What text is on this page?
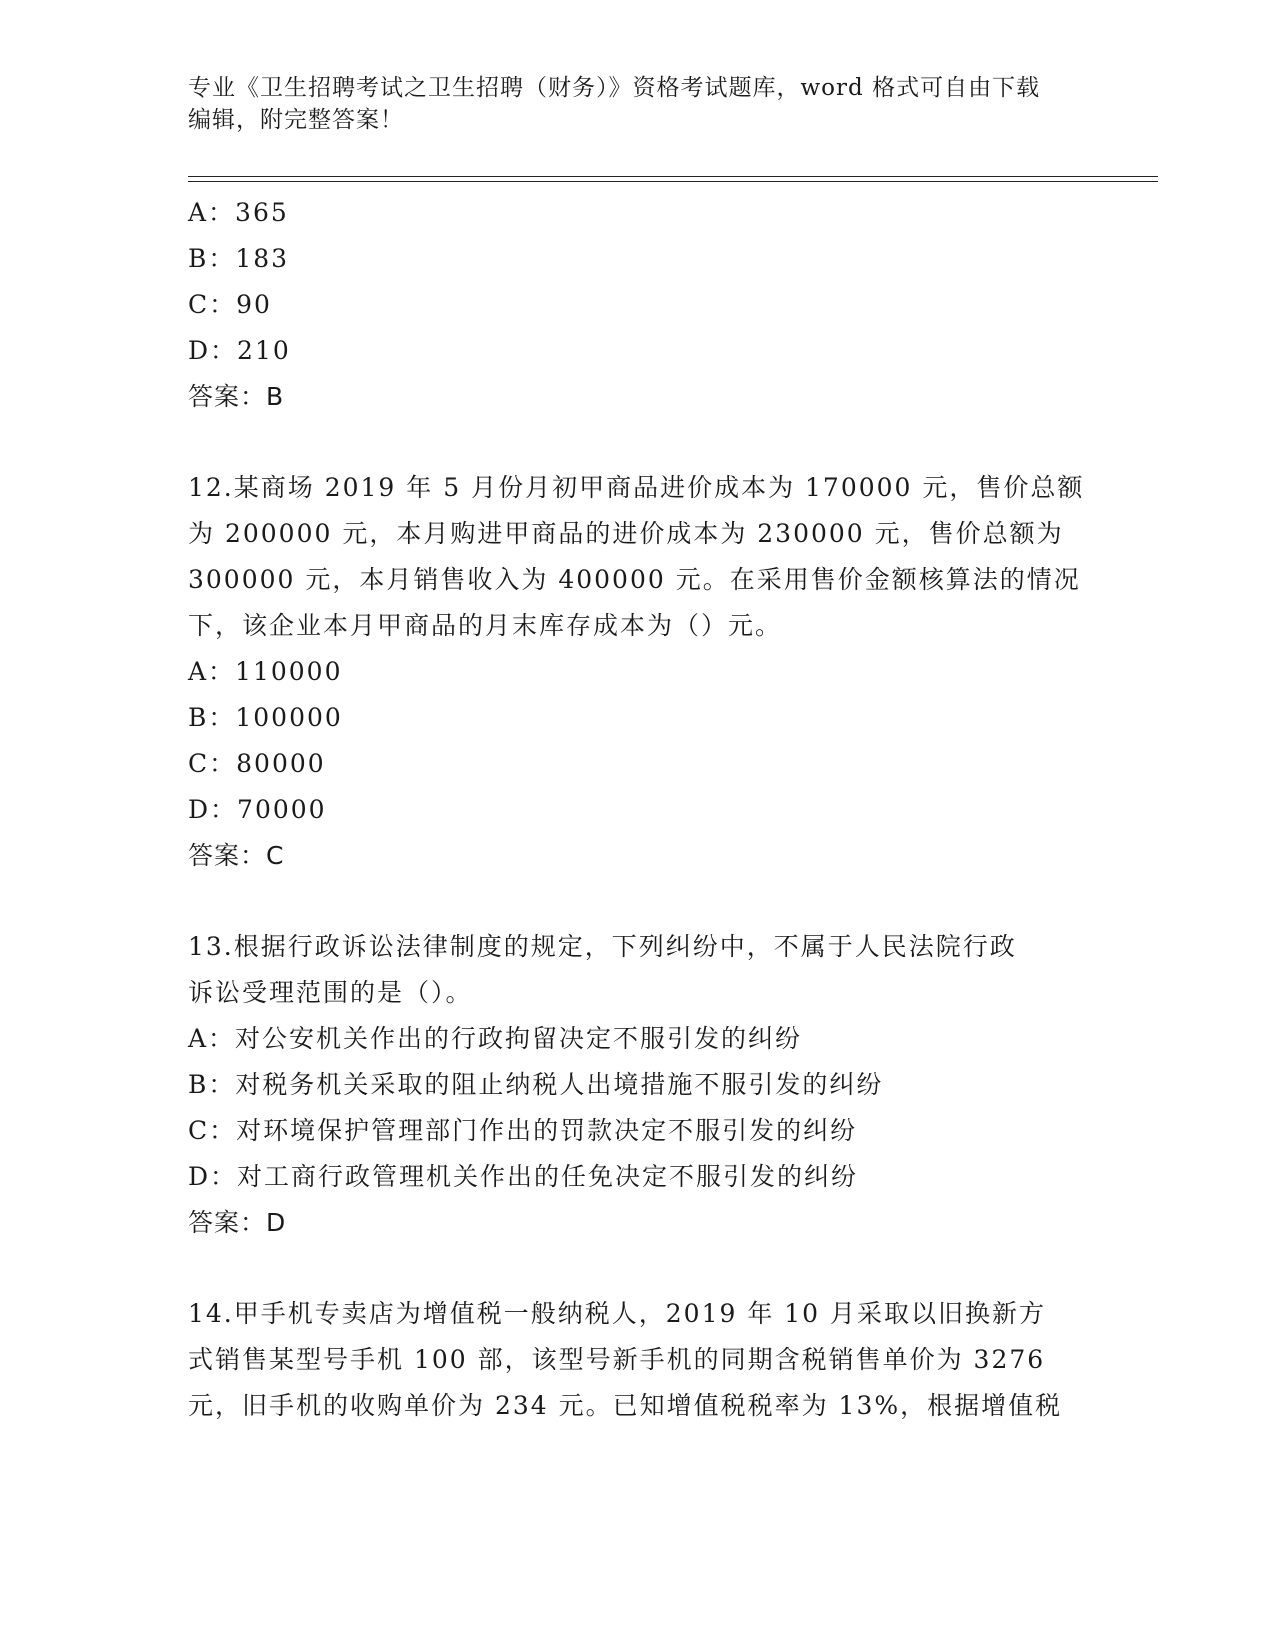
专业《卫生招聘考试之卫生招聘（财务）》资格考试题库，word 格式可自由下载
编辑，附完整答案！
A：365
B：183
C：90
D：210
答案：B
12.某商场 2019 年 5 月份月初甲商品进价成本为 170000 元，售价总额
为 200000 元，本月购进甲商品的进价成本为 230000 元，售价总额为
300000 元，本月销售收入为 400000 元。在采用售价金额核算法的情况
下，该企业本月甲商品的月末库存成本为（）元。
A：110000
B：100000
C：80000
D：70000
答案：C
13.根据行政诉讼法律制度的规定，下列纠纷中，不属于人民法院行政
诉讼受理范围的是（）。
A：对公安机关作出的行政拘留决定不服引发的纠纷
B：对税务机关采取的阻止纳税人出境措施不服引发的纠纷
C：对环境保护管理部门作出的罚款决定不服引发的纠纷
D：对工商行政管理机关作出的任免决定不服引发的纠纷
答案：D
14.甲手机专卖店为增值税一般纳税人，2019 年 10 月采取以旧换新方
式销售某型号手机 100 部，该型号新手机的同期含税销售单价为 3276
元，旧手机的收购单价为 234 元。已知增值税税率为 13%，根据增值税
